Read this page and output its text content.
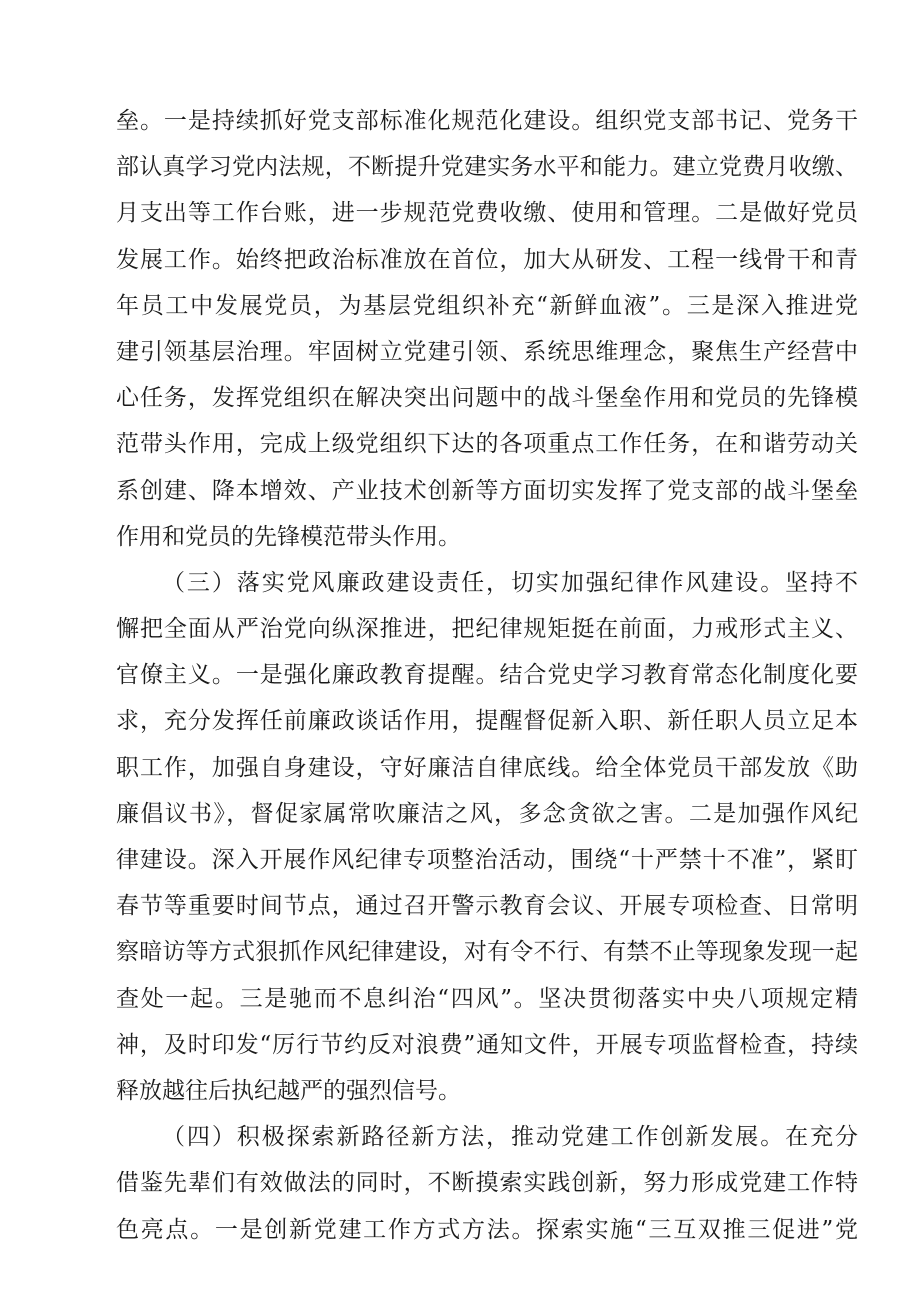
垒。一是持续抓好党支部标准化规范化建设。组织党支部书记、党务干
部认真学习党内法规，不断提升党建实务水平和能力。建立党费月收缴、
月支出等工作台账，进一步规范党费收缴、使用和管理。二是做好党员
发展工作。始终把政治标准放在首位，加大从研发、工程一线骨干和青
年员工中发展党员，为基层党组织补充“新鲜血液”。三是深入推进党
建引领基层治理。牢固树立党建引领、系统思维理念，聚焦生产经营中
心任务，发挥党组织在解决突出问题中的战斗堡垒作用和党员的先锋模
范带头作用，完成上级党组织下达的各项重点工作任务，在和谐劳动关
系创建、降本增效、产业技术创新等方面切实发挥了党支部的战斗堡垒
作用和党员的先锋模范带头作用。
（三）落实党风廉政建设责任，切实加强纪律作风建设。坚持不
懈把全面从严治党向纵深推进，把纪律规矩挺在前面，力戒形式主义、
官僚主义。一是强化廉政教育提醒。结合党史学习教育常态化制度化要
求，充分发挥任前廉政谈话作用，提醒督促新入职、新任职人员立足本
职工作，加强自身建设，守好廉洁自律底线。给全体党员干部发放《助
廉倡议书》，督促家属常吹廉洁之风，多念贪欲之害。二是加强作风纪
律建设。深入开展作风纪律专项整治活动，围绕“十严禁十不准”，紧盯
春节等重要时间节点，通过召开警示教育会议、开展专项检查、日常明
察暗访等方式狠抓作风纪律建设，对有令不行、有禁不止等现象发现一起
查处一起。三是驰而不息纠治“四风”。坚决贯彻落实中央八项规定精
神，及时印发“厉行节约反对浪费”通知文件，开展专项监督检查，持续
释放越往后执纪越严的强烈信号。
（四）积极探索新路径新方法，推动党建工作创新发展。在充分
借鉴先辈们有效做法的同时，不断摸索实践创新，努力形成党建工作特
色亮点。一是创新党建工作方式方法。探索实施“三互双推三促进”党
